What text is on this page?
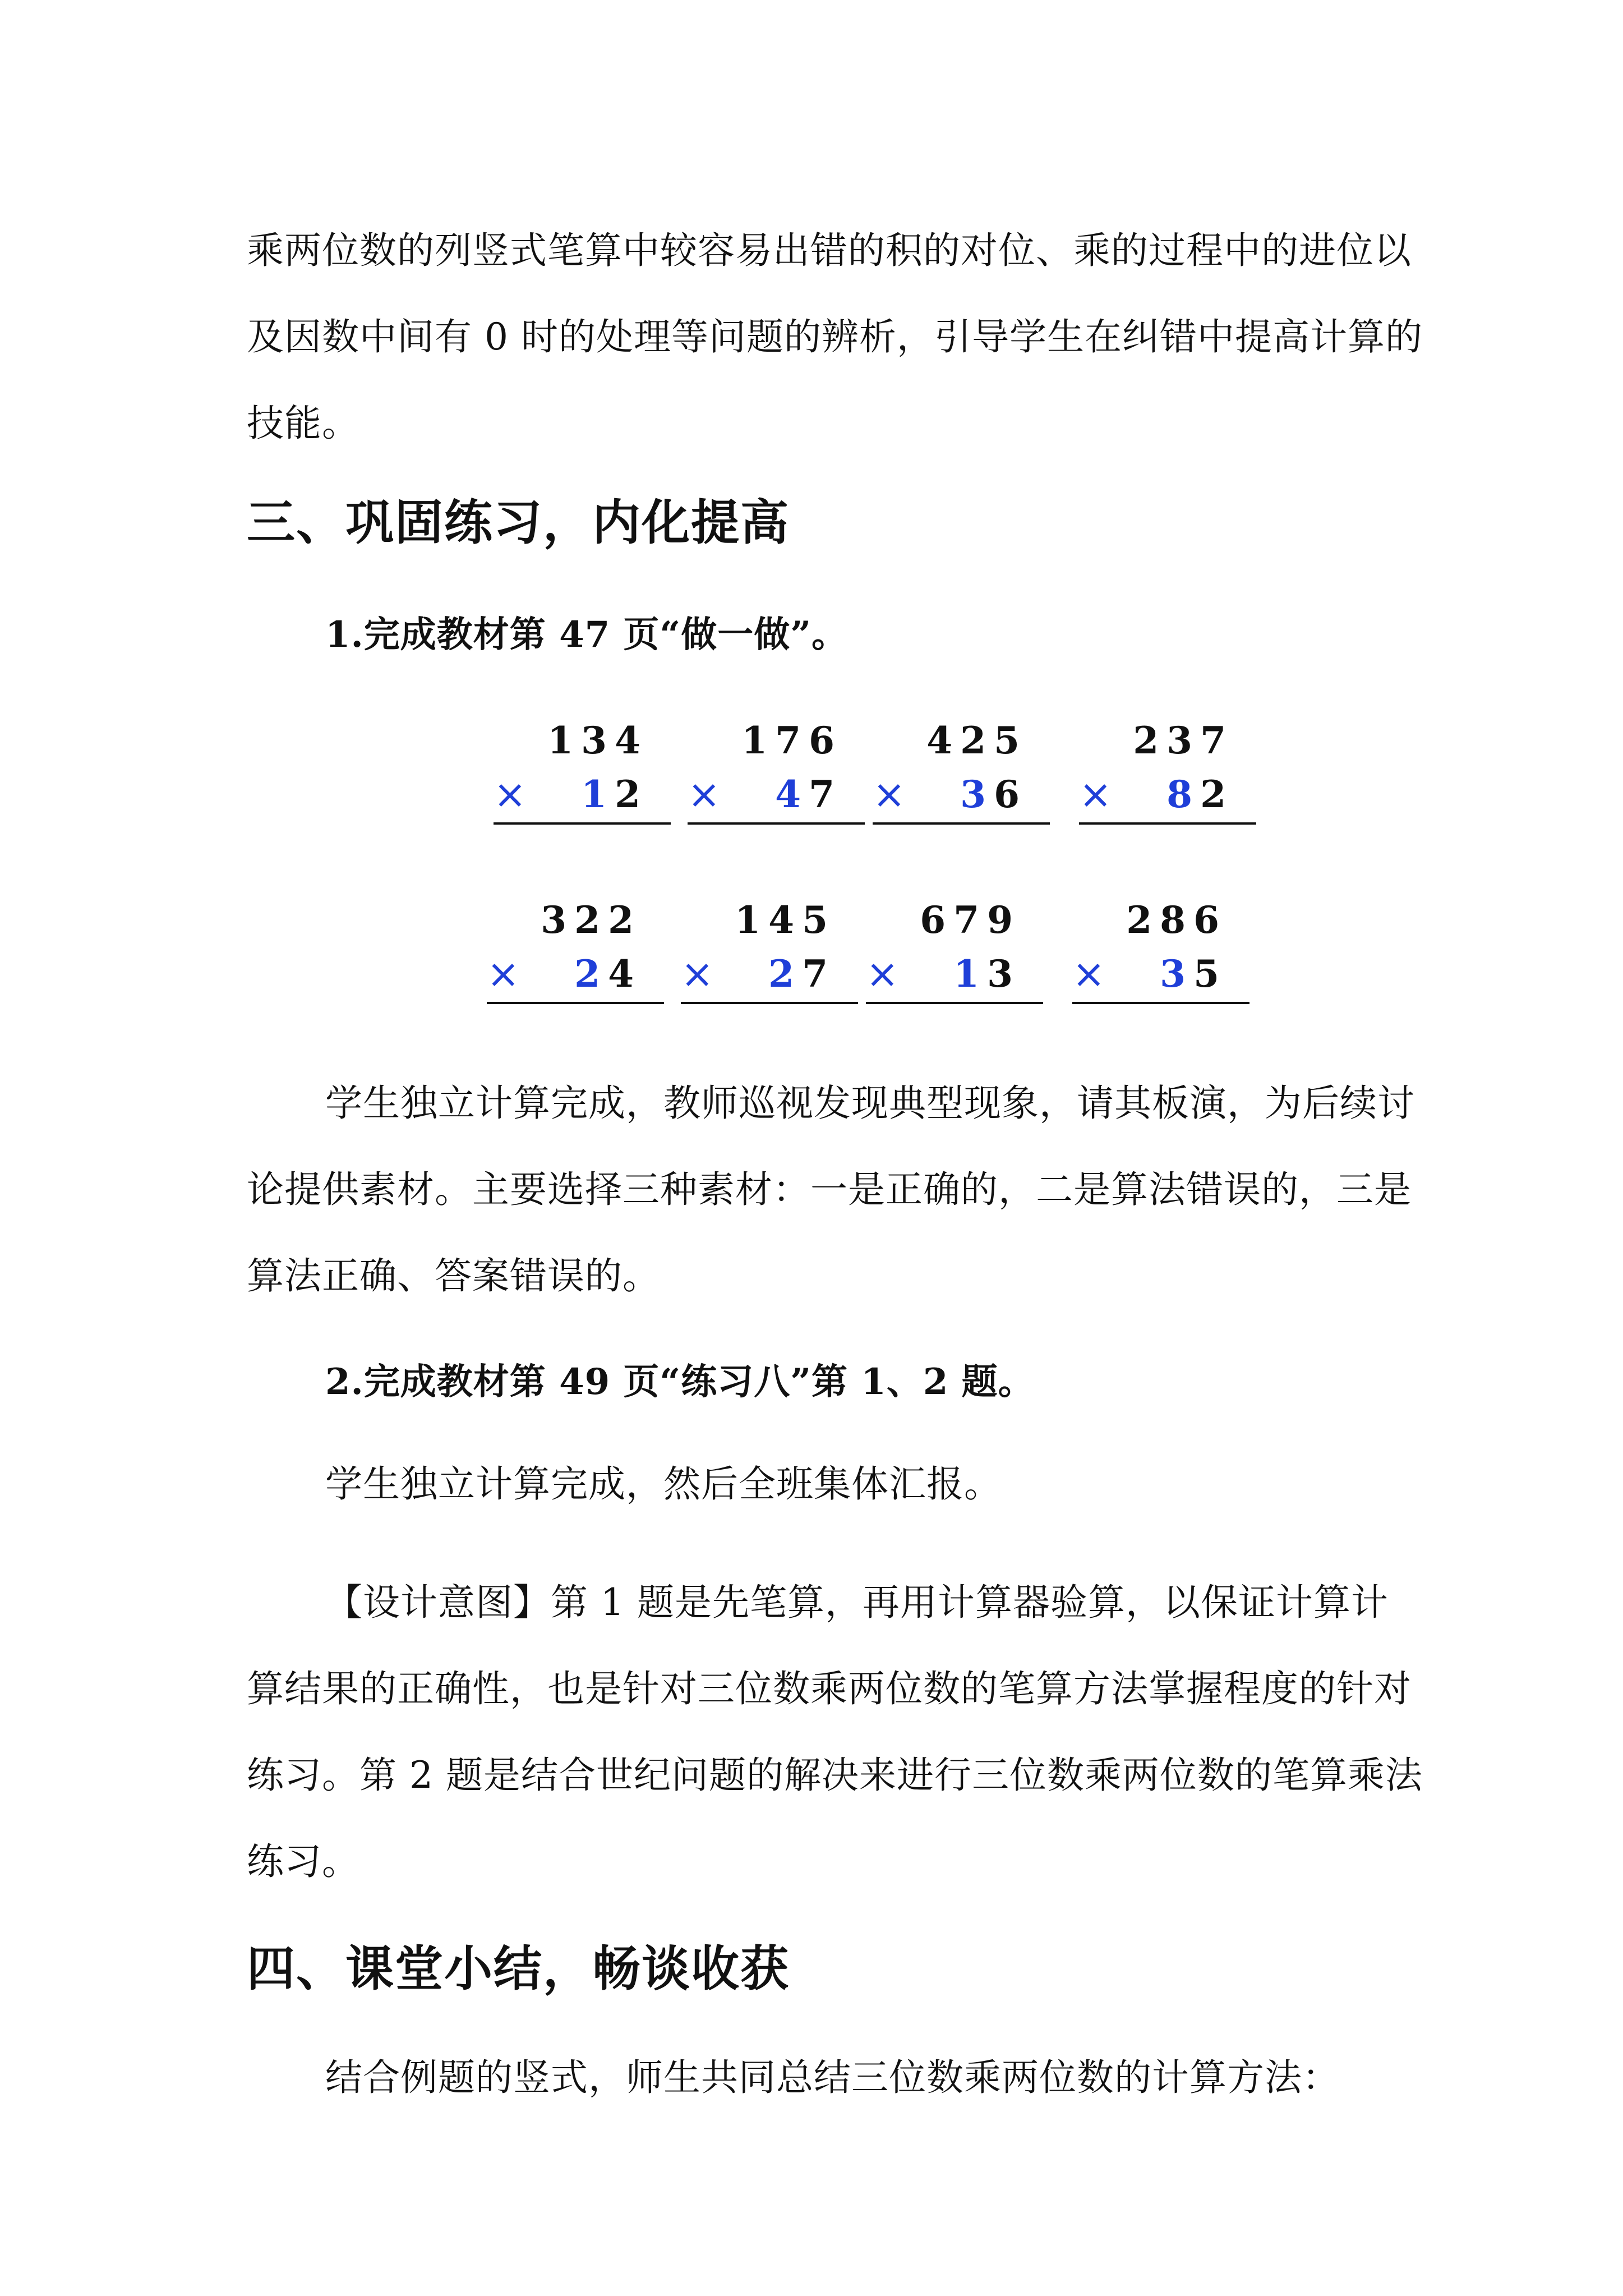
乘两位数的列竖式笔算中较容易出错的积的对位、乘的过程中的进位以及因数中间有 0 时的处理等问题的辨析，引导学生在纠错中提高计算的技能。

三、巩固练习，内化提高
1.完成教材第 47 页“做一做”。
134
× 12
176
× 47
425
× 36
237
× 82
322
× 24
145
× 27
679
× 13
286
× 35

学生独立计算完成，教师巡视发现典型现象，请其板演，为后续讨论提供素材。主要选择三种素材：一是正确的，二是算法错误的，三是算法正确、答案错误的。

2.完成教材第 49 页“练习八”第 1、2 题。

学生独立计算完成，然后全班集体汇报。

【设计意图】第 1 题是先笔算，再用计算器验算，以保证计算计算结果的正确性，也是针对三位数乘两位数的笔算方法掌握程度的针对练习。第 2 题是结合世纪问题的解决来进行三位数乘两位数的笔算乘法练习。

四、课堂小结，畅谈收获

结合例题的竖式，师生共同总结三位数乘两位数的计算方法：
